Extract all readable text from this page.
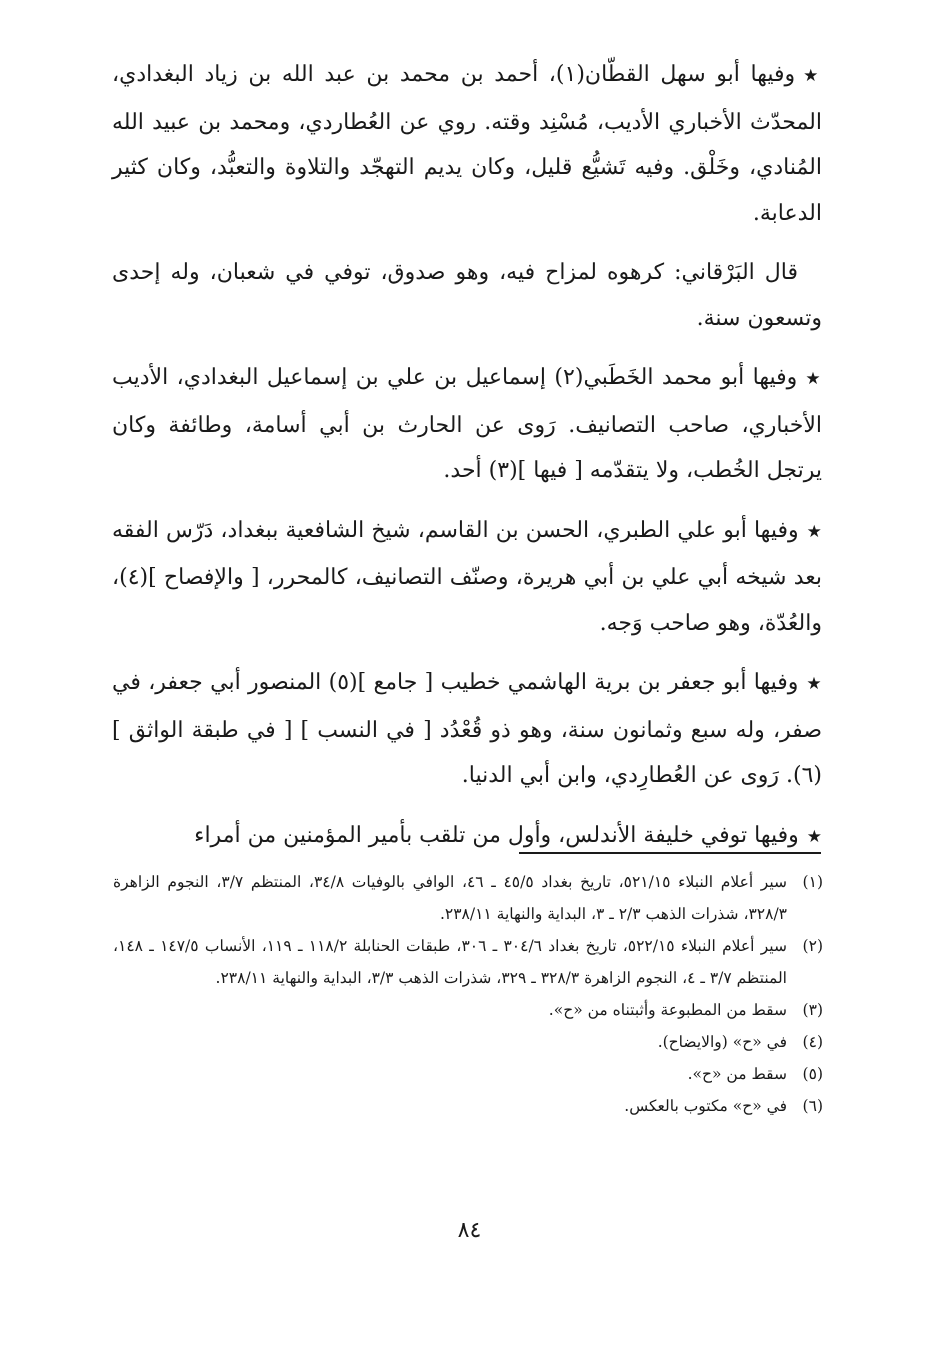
★وفيها أبو سهل القطّان(١)، أحمد بن محمد بن عبد الله بن زياد البغدادي، المحدّث الأخباري الأديب، مُسْنِد وقته. روي عن العُطاردي، ومحمد بن عبيد الله المُنادي، وخَلْق. وفيه تَشيُّع قليل، وكان يديم التهجّد والتلاوة والتعبُّد، وكان كثير الدعابة.

قال البَرْقاني: كرهوه لمزاح فيه، وهو صدوق، توفي في شعبان، وله إحدى وتسعون سنة.

★وفيها أبو محمد الخَطَبي(٢) إسماعيل بن علي بن إسماعيل البغدادي، الأديب الأخباري، صاحب التصانيف. رَوى عن الحارث بن أبي أسامة، وطائفة وكان يرتجل الخُطب، ولا يتقدّمه [ فيها ](٣) أحد.

★وفيها أبو علي الطبري، الحسن بن القاسم، شيخ الشافعية ببغداد، دَرّس الفقه بعد شيخه أبي علي بن أبي هريرة، وصنّف التصانيف، كالمحرر، [ والإفصاح ](٤)، والعُدّة، وهو صاحب وَجه.

★وفيها أبو جعفر بن برية الهاشمي خطيب [ جامع ](٥) المنصور أبي جعفر، في صفر، وله سبع وثمانون سنة، وهو ذو قُعْدُد [ في النسب ] [ في طبقة الواثق ](٦). رَوى عن العُطارِدي، وابن أبي الدنيا.

★وفيها توفي خليفة الأندلس، وأول من تلقب بأمير المؤمنين من أمراء

(١)
سير أعلام النبلاء ٥٢١/١٥، تاريخ بغداد ٤٥/٥ ـ ٤٦، الوافي بالوفيات ٣٤/٨، المنتظم ٣/٧، النجوم الزاهرة ٣٢٨/٣، شذرات الذهب ٢/٣ ـ ٣، البداية والنهاية ٢٣٨/١١.
(٢)
سير أعلام النبلاء ٥٢٢/١٥، تاريخ بغداد ٣٠٤/٦ ـ ٣٠٦، طبقات الحنابلة ١١٨/٢ ـ ١١٩، الأنساب ١٤٧/٥ ـ ١٤٨، المنتظم ٣/٧ ـ ٤، النجوم الزاهرة ٣٢٨/٣ ـ ٣٢٩، شذرات الذهب ٣/٣، البداية والنهاية ٢٣٨/١١.
(٣)
سقط من المطبوعة وأثبتناه من «ح».
(٤)
في «ح» (والايضاح).
(٥)
سقط من «ح».
(٦)
في «ح» مكتوب بالعكس.
٨٤
